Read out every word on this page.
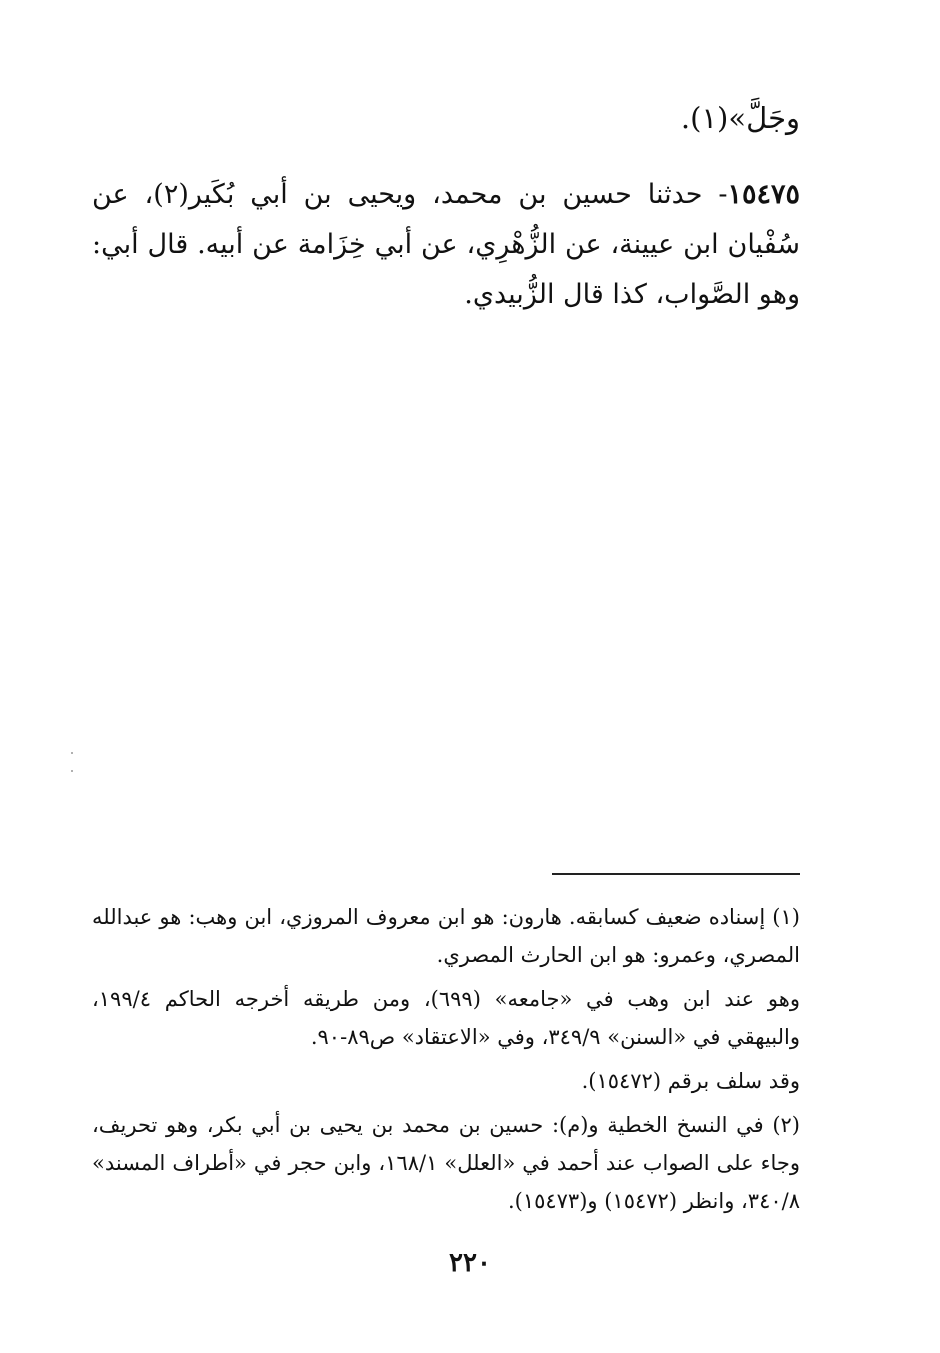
وجَلَّ»(١).
١٥٤٧٥- حدثنا حسين بن محمد، ويحيى بن أبي بُكَير(٢)، عن سُفْيان ابن عيينة، عن الزُّهْرِي، عن أبي خِزَامة عن أبيه. قال أبي: وهو الصَّواب، كذا قال الزُّبيدي.

(١) إسناده ضعيف كسابقه. هارون: هو ابن معروف المروزي، ابن وهب: هو عبدالله المصري، وعمرو: هو ابن الحارث المصري.

وهو عند ابن وهب في «جامعه» (٦٩٩)، ومن طريقه أخرجه الحاكم ١٩٩/٤، والبيهقي في «السنن» ٣٤٩/٩، وفي «الاعتقاد» ص٨٩-٩٠.

وقد سلف برقم (١٥٤٧٢).

(٢) في النسخ الخطية و(م): حسين بن محمد بن يحيى بن أبي بكر، وهو تحريف، وجاء على الصواب عند أحمد في «العلل» ١٦٨/١، وابن حجر في «أطراف المسند» ٣٤٠/٨، وانظر (١٥٤٧٢) و(١٥٤٧٣).

٢٢٠
